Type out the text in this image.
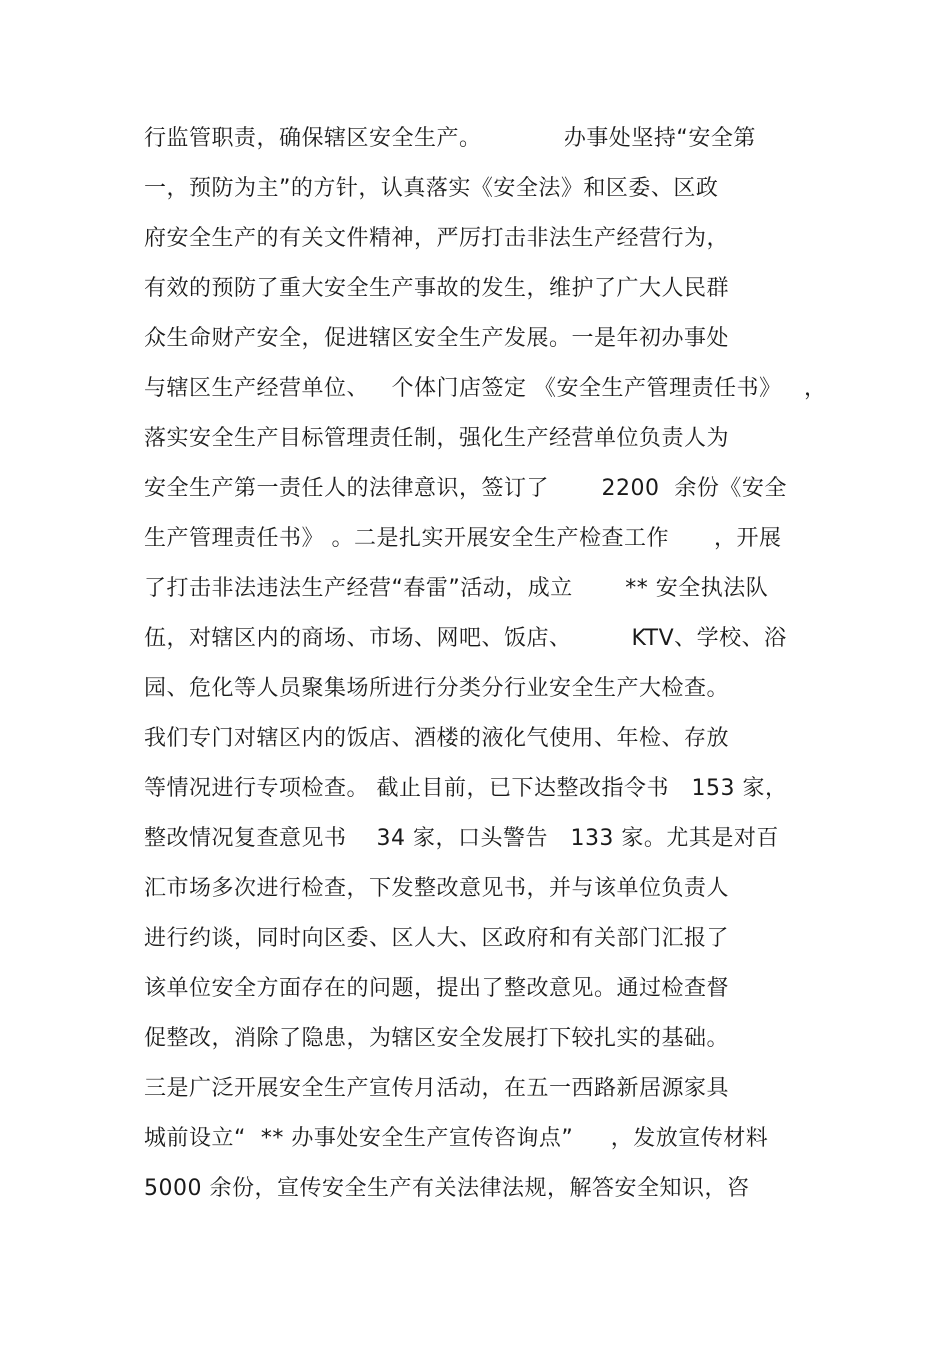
行监管职责，确保辖区安全生产。           办事处坚持“安全第
一，预防为主”的方针，认真落实《安全法》和区委、区政
府安全生产的有关文件精神，严厉打击非法生产经营行为，
有效的预防了重大安全生产事故的发生，维护了广大人民群
众生命财产安全，促进辖区安全生产发展。一是年初办事处
与辖区生产经营单位、   个体门店签定 《安全生产管理责任书》   ，
落实安全生产目标管理责任制，强化生产经营单位负责人为
安全生产第一责任人的法律意识，签订了       2200  余份《安全
生产管理责任书》 。二是扎实开展安全生产检查工作      ，开展
了打击非法违法生产经营“春雷”活动，成立       ** 安全执法队
伍，对辖区内的商场、市场、网吧、饭店、        KTV、学校、浴
园、危化等人员聚集场所进行分类分行业安全生产大检查。
我们专门对辖区内的饭店、酒楼的液化气使用、年检、存放
等情况进行专项检查。 截止目前，已下达整改指令书   153 家，
整改情况复查意见书    34 家，口头警告   133 家。尤其是对百
汇市场多次进行检查，下发整改意见书，并与该单位负责人
进行约谈，同时向区委、区人大、区政府和有关部门汇报了
该单位安全方面存在的问题，提出了整改意见。通过检查督
促整改，消除了隐患，为辖区安全发展打下较扎实的基础。
三是广泛开展安全生产宣传月活动，在五一西路新居源家具
城前设立“  ** 办事处安全生产宣传咨询点”     ，发放宣传材料
5000 余份，宣传安全生产有关法律法规，解答安全知识，咨
